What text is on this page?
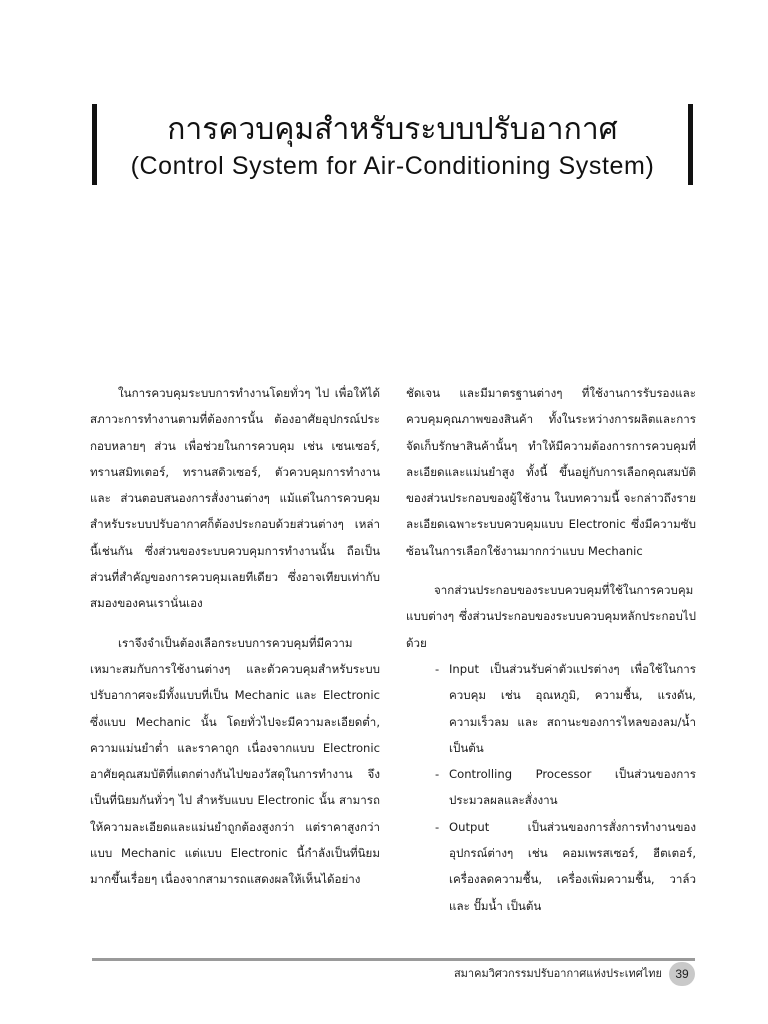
การควบคุมสำหรับระบบปรับอากาศ
(Control System for Air-Conditioning System)

ในการควบคุมระบบการทำงานโดยทั่วๆ ไป เพื่อให้ได้สภาวะการทำงานตามที่ต้องการนั้น ต้องอาศัยอุปกรณ์ประกอบหลายๆ ส่วน เพื่อช่วยในการควบคุม เช่น เซนเซอร์, ทรานสมิทเตอร์, ทรานสดิวเซอร์, ตัวควบคุมการทำงาน และ ส่วนตอบสนองการสั่งงานต่างๆ แม้แต่ในการควบคุมสำหรับระบบปรับอากาศก็ต้องประกอบด้วยส่วนต่างๆ เหล่านี้เช่นกัน ซึ่งส่วนของระบบควบคุมการทำงานนั้น ถือเป็นส่วนที่สำคัญของการควบคุมเลยทีเดียว ซึ่งอาจเทียบเท่ากับสมองของคนเรานั่นเอง

เราจึงจำเป็นต้องเลือกระบบการควบคุมที่มีความเหมาะสมกับการใช้งานต่างๆ และตัวควบคุมสำหรับระบบปรับอากาศจะมีทั้งแบบที่เป็น Mechanic และ Electronic ซึ่งแบบ Mechanic นั้น โดยทั่วไปจะมีความละเอียดต่ำ, ความแม่นยำต่ำ และราคาถูก เนื่องจากแบบ Electronic อาศัยคุณสมบัติที่แตกต่างกันไปของวัสดุในการทำงาน จึงเป็นที่นิยมกันทั่วๆ ไป สำหรับแบบ Electronic นั้น สามารถให้ความละเอียดและแม่นยำถูกต้องสูงกว่า แต่ราคาสูงกว่า แบบ Mechanic แต่แบบ Electronic นี้กำลังเป็นที่นิยมมากขึ้นเรื่อยๆ เนื่องจากสามารถแสดงผลให้เห็นได้อย่าง

ชัดเจน และมีมาตรฐานต่างๆ ที่ใช้งานการรับรองและควบคุมคุณภาพของสินค้า ทั้งในระหว่างการผลิตและการจัดเก็บรักษาสินค้านั้นๆ ทำให้มีความต้องการการควบคุมที่ละเอียดและแม่นยำสูง ทั้งนี้ ขึ้นอยู่กับการเลือกคุณสมบัติของส่วนประกอบของผู้ใช้งาน ในบทความนี้ จะกล่าวถึงรายละเอียดเฉพาะระบบควบคุมแบบ Electronic ซึ่งมีความซับซ้อนในการเลือกใช้งานมากกว่าแบบ Mechanic

จากส่วนประกอบของระบบควบคุมที่ใช้ในการควบคุมแบบต่างๆ ซึ่งส่วนประกอบของระบบควบคุมหลักประกอบไปด้วย

- Input เป็นส่วนรับค่าตัวแปรต่างๆ เพื่อใช้ในการควบคุม เช่น อุณหภูมิ, ความชื้น, แรงดัน, ความเร็วลม และ สถานะของการไหลของลม/น้ำ เป็นต้น
- Controlling Processor เป็นส่วนของการประมวลผลและสั่งงาน
- Output เป็นส่วนของการสั่งการทำงานของอุปกรณ์ต่างๆ เช่น คอมเพรสเซอร์, ฮีตเตอร์, เครื่องลดความชื้น, เครื่องเพิ่มความชื้น, วาล์ว และ ปั๊มน้ำ เป็นต้น
สมาคมวิศวกรรมปรับอากาศแห่งประเทศไทย	39
